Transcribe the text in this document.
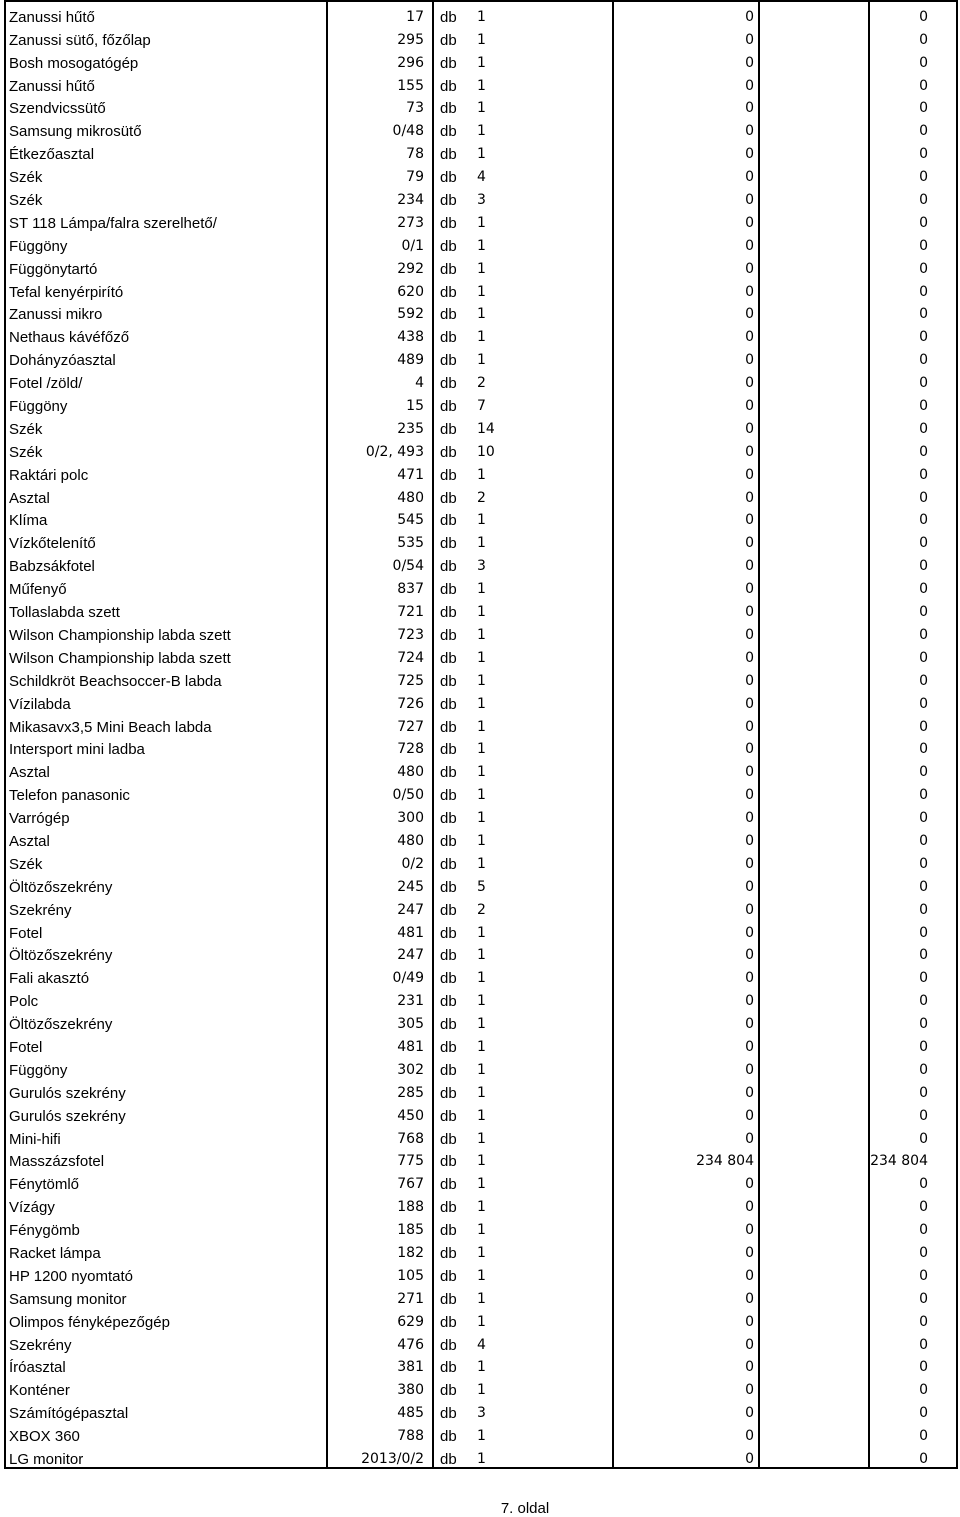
Zanussi hűtő	17	db	1	0		0
Zanussi sütő, főzőlap	295	db	1	0		0
Bosh mosogatógép	296	db	1	0		0
Zanussi hűtő	155	db	1	0		0
Szendvicssütő	73	db	1	0		0
Samsung mikrosütő	0/48	db	1	0		0
Étkezőasztal	78	db	1	0		0
Szék	79	db	4	0		0
Szék	234	db	3	0		0
ST 118 Lámpa/falra szerelhető/	273	db	1	0		0
Függöny	0/1	db	1	0		0
Függönytartó	292	db	1	0		0
Tefal kenyérpirító	620	db	1	0		0
Zanussi mikro	592	db	1	0		0
Nethaus kávéfőző	438	db	1	0		0
Dohányzóasztal	489	db	1	0		0
Fotel /zöld/	4	db	2	0		0
Függöny	15	db	7	0		0
Szék	235	db	14	0		0
Szék	0/2, 493	db	10	0		0
Raktári polc	471	db	1	0		0
Asztal	480	db	2	0		0
Klíma	545	db	1	0		0
Vízkőtelenítő	535	db	1	0		0
Babzsákfotel	0/54	db	3	0		0
Műfenyő	837	db	1	0		0
Tollaslabda szett	721	db	1	0		0
Wilson Championship labda szett	723	db	1	0		0
Wilson Championship labda szett	724	db	1	0		0
Schildkröt Beachsoccer-B labda	725	db	1	0		0
Vízilabda	726	db	1	0		0
Mikasavx3,5 Mini Beach labda	727	db	1	0		0
Intersport mini ladba	728	db	1	0		0
Asztal	480	db	1	0		0
Telefon panasonic	0/50	db	1	0		0
Varrógép	300	db	1	0		0
Asztal	480	db	1	0		0
Szék	0/2	db	1	0		0
Öltözőszekrény	245	db	5	0		0
Szekrény	247	db	2	0		0
Fotel	481	db	1	0		0
Öltözőszekrény	247	db	1	0		0
Fali akasztó	0/49	db	1	0		0
Polc	231	db	1	0		0
Öltözőszekrény	305	db	1	0		0
Fotel	481	db	1	0		0
Függöny	302	db	1	0		0
Gurulós szekrény	285	db	1	0		0
Gurulós szekrény	450	db	1	0		0
Mini-hifi	768	db	1	0		0
Masszázsfotel	775	db	1	234 804		234 804
Fénytömlő	767	db	1	0		0
Vízágy	188	db	1	0		0
Fénygömb	185	db	1	0		0
Racket lámpa	182	db	1	0		0
HP 1200 nyomtató	105	db	1	0		0
Samsung monitor	271	db	1	0		0
Olimpos fényképezőgép	629	db	1	0		0
Szekrény	476	db	4	0		0
Íróasztal	381	db	1	0		0
Konténer	380	db	1	0		0
Számítógépasztal	485	db	3	0		0
XBOX 360	788	db	1	0		0
LG monitor	2013/0/2	db	1	0		0
7. oldal
